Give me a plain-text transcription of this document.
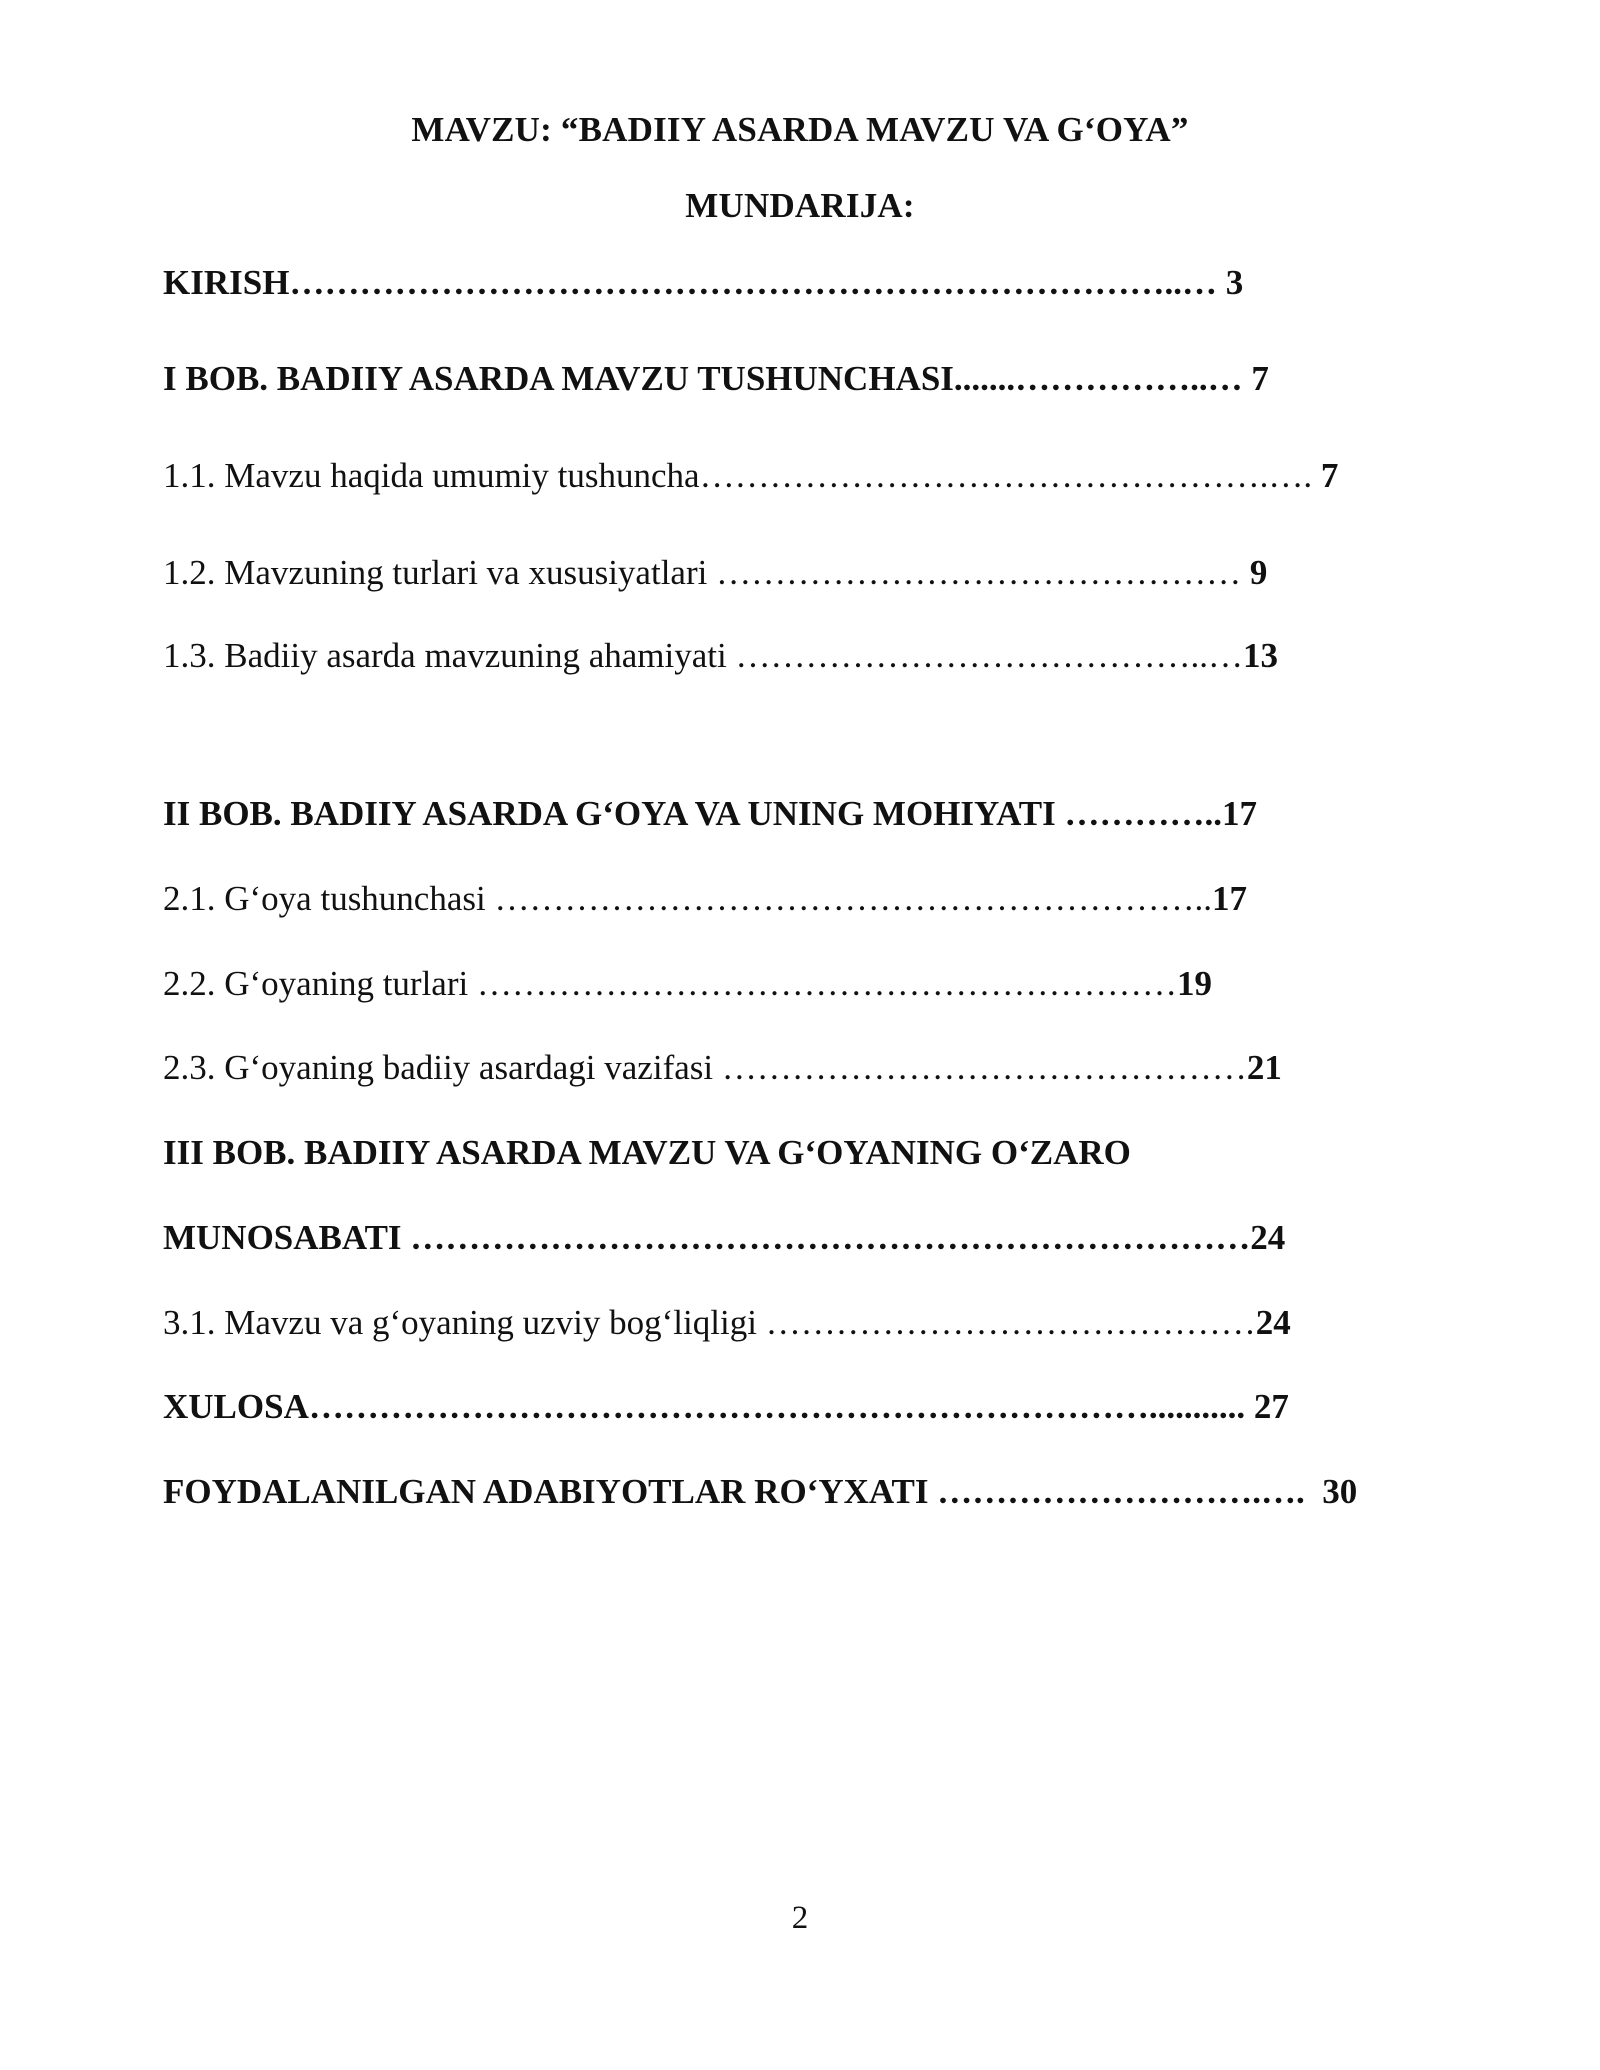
MAVZU: “BADIIY ASARDA MAVZU VA G‘OYA”
MUNDARIJA:

KIRISH…………………………………………………………………..… 3

I BOB. BADIIY ASARDA MAVZU TUSHUNCHASI.......……………..… 7

1.1. Mavzu haqida umumiy tushuncha………………………………………….…. 7

1.2. Mavzuning turlari va xususiyatlari ……………………………………… 9

1.3. Badiiy asarda mavzuning ahamiyati …………………………………..…13

II BOB. BADIIY ASARDA G‘OYA VA UNING MOHIYATI …………..17

2.1. G‘oya tushunchasi ……………………………………………………..17

2.2. G‘oyaning turlari ……………………………………………………19

2.3. G‘oyaning badiiy asardagi vazifasi ………………………………………21

III BOB. BADIIY ASARDA MAVZU VA G‘OYANING O‘ZARO

MUNOSABATI ………………………………………………………………24

3.1. Mavzu va g‘oyaning uzviy bog‘liqligi ……………………………………24

XULOSA………………………………………………………………........... 27

FOYDALANILGAN ADABIYOTLAR RO‘YXATI ……………………….….  30

2
